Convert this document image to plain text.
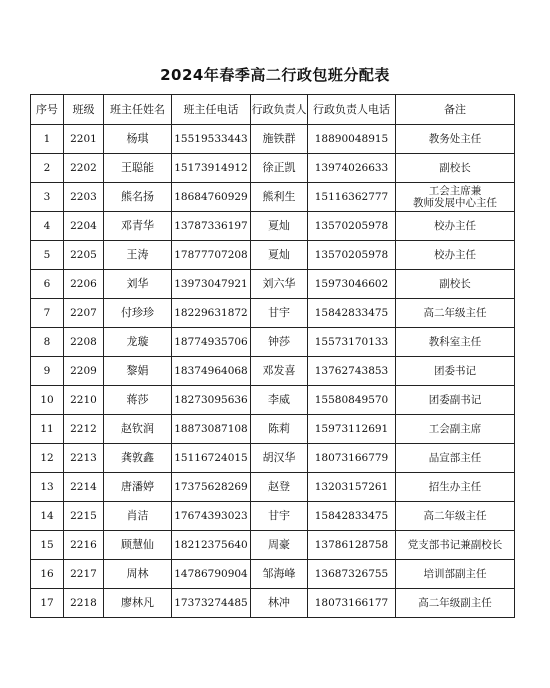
2024年春季高二行政包班分配表
序号	班级	班主任姓名	班主任电话	行政负责人	行政负责人电话	备注
1	2201	杨琪	15519533443	施铁群	18890048915	教务处主任
2	2202	王聪能	15173914912	徐正凯	13974026633	副校长
3	2203	熊名扬	18684760929	熊利生	15116362777	工会主席兼
教师发展中心主任
4	2204	邓青华	13787336197	夏灿	13570205978	校办主任
5	2205	王涛	17877707208	夏灿	13570205978	校办主任
6	2206	刘华	13973047921	刘六华	15973046602	副校长
7	2207	付珍珍	18229631872	甘宇	15842833475	高二年级主任
8	2208	龙璇	18774935706	钟莎	15573170133	教科室主任
9	2209	黎娟	18374964068	邓发喜	13762743853	团委书记
10	2210	蒋莎	18273095636	李威	15580849570	团委副书记
11	2212	赵钦润	18873087108	陈莉	15973112691	工会副主席
12	2213	龚敦鑫	15116724015	胡汉华	18073166779	品宣部主任
13	2214	唐潘婷	17375628269	赵登	13203157261	招生办主任
14	2215	肖洁	17674393023	甘宇	15842833475	高二年级主任
15	2216	顾慧仙	18212375640	周豪	13786128758	党支部书记兼副校长
16	2217	周林	14786790904	邹海峰	13687326755	培训部副主任
17	2218	廖林凡	17373274485	林冲	18073166177	高二年级副主任
